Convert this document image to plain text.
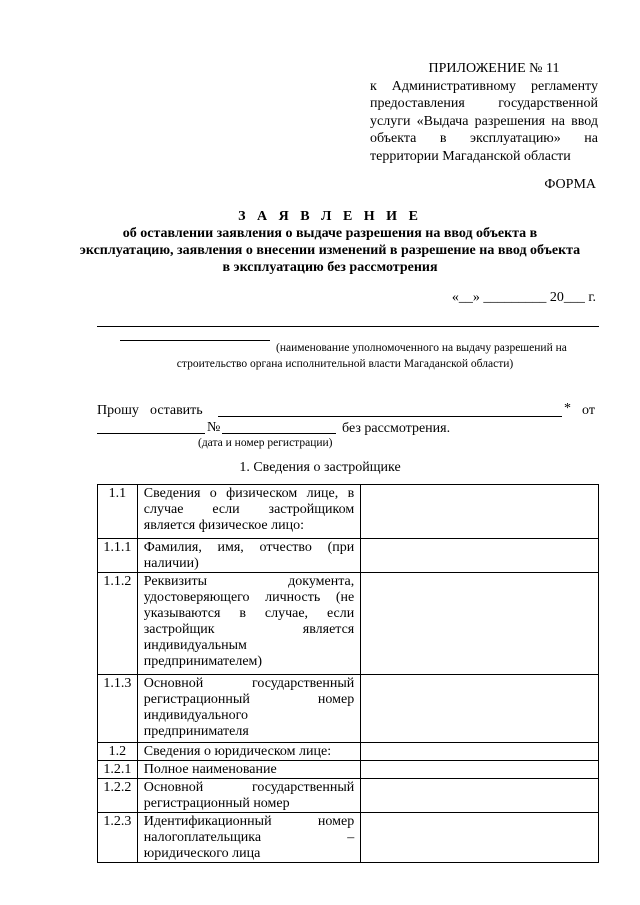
ПРИЛОЖЕНИЕ № 11
к Административному регламенту
предоставления государственной
услуги «Выдача разрешения на ввод
объекта в эксплуатацию» на
территории Магаданской области
ФОРМА
З А Я В Л Е Н И Е
об оставлении заявления о выдаче разрешения на ввод объекта в
эксплуатацию, заявления о внесении изменений в разрешение на ввод объекта
в эксплуатацию без рассмотрения
«__» _________ 20___ г.
(наименование уполномоченного на выдачу разрешений на
строительство органа исполнительной власти Магаданской области)
Прошу оставить	* от
№	без рассмотрения.
(дата и номер регистрации)
1. Сведения о застройщике
1.1	Сведения о физическом лице, в случае если застройщиком является физическое лицо:	
1.1.1	Фамилия, имя, отчество (при наличии)	
1.1.2	Реквизиты документа, удостоверяющего личность (не указываются в случае, если застройщик является индивидуальным предпринимателем)	
1.1.3	Основной государственный регистрационный номер индивидуального предпринимателя	
1.2	Сведения о юридическом лице:	
1.2.1	Полное наименование	
1.2.2	Основной государственный регистрационный номер	
1.2.3	Идентификационный номер налогоплательщика – юридического лица	
